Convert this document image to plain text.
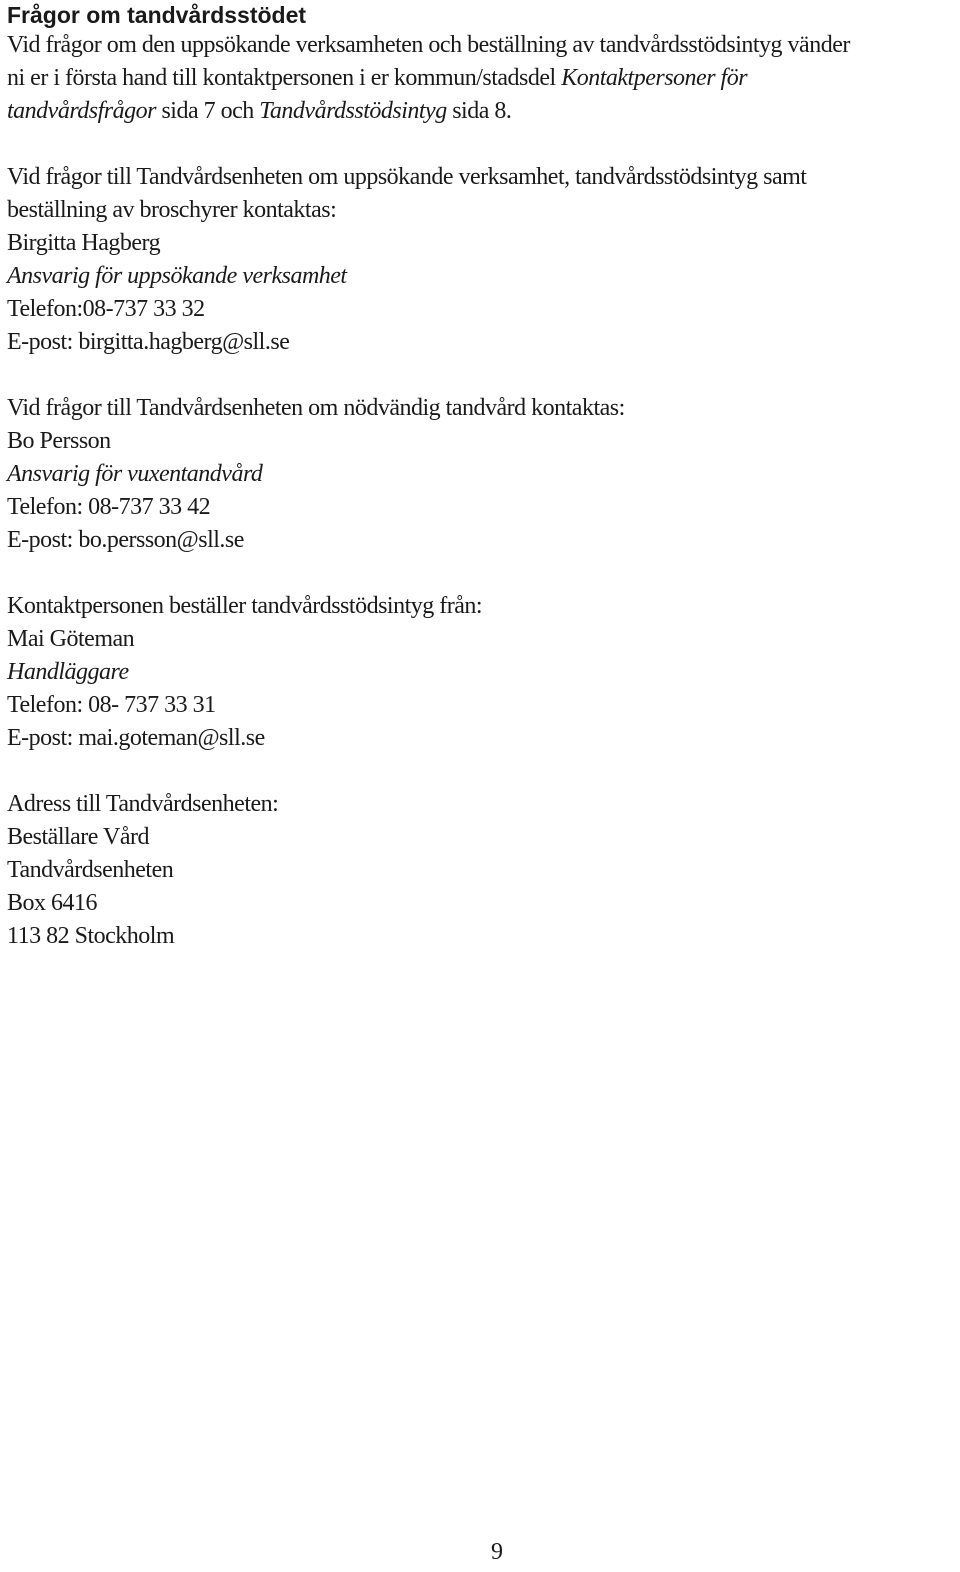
Frågor om tandvårdsstödet
Vid frågor om den uppsökande verksamheten och beställning av tandvårdsstödsintyg vänder
ni er i första hand till kontaktpersonen i er kommun/stadsdel Kontaktpersoner för
tandvårdsfrågor sida 7 och Tandvårdsstödsintyg sida 8.
Vid frågor till Tandvårdsenheten om uppsökande verksamhet, tandvårdsstödsintyg samt
beställning av broschyrer kontaktas:
Birgitta Hagberg
Ansvarig för uppsökande verksamhet
Telefon:08-737 33 32
E-post: birgitta.hagberg@sll.se
Vid frågor till Tandvårdsenheten om nödvändig tandvård kontaktas:
Bo Persson
Ansvarig för vuxentandvård
Telefon: 08-737 33 42
E-post: bo.persson@sll.se
Kontaktpersonen beställer tandvårdsstödsintyg från:
Mai Göteman
Handläggare
Telefon: 08- 737 33 31
E-post: mai.goteman@sll.se
Adress till Tandvårdsenheten:
Beställare Vård
Tandvårdsenheten
Box 6416
113 82 Stockholm
9
